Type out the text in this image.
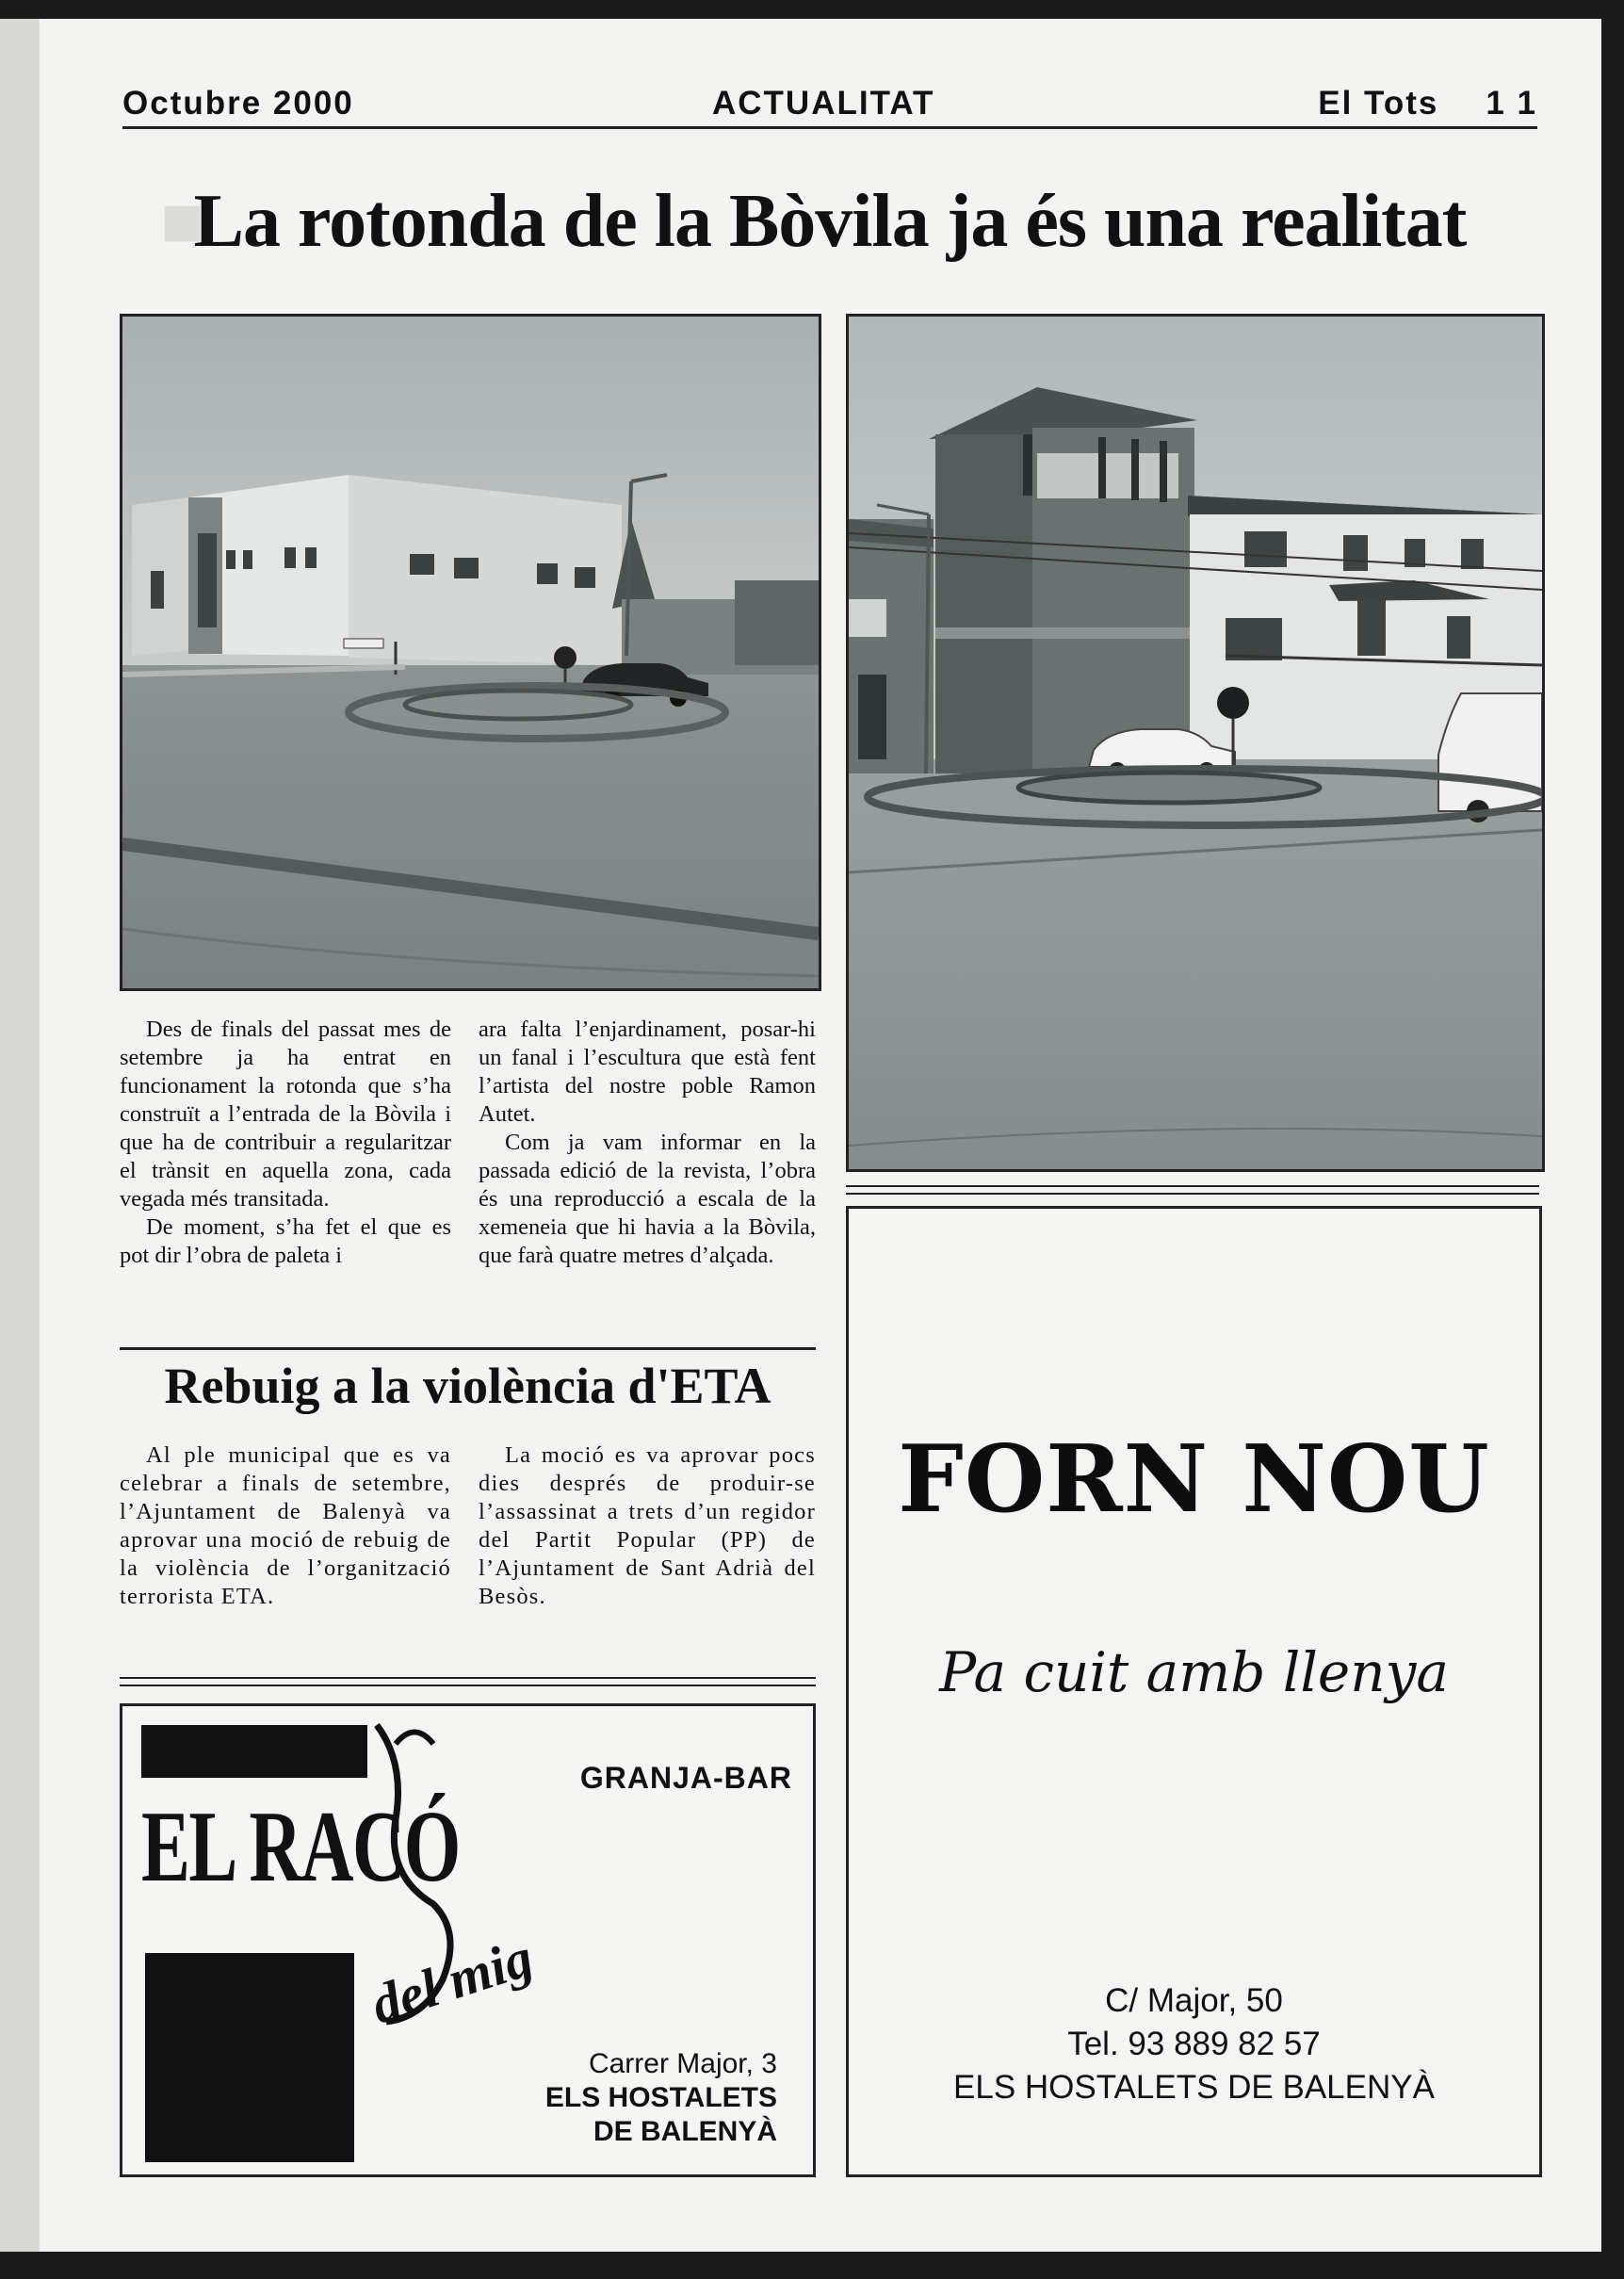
■
Octubre 2000	ACTUALITAT	El Tots 1 1
La rotonda de la Bòvila ja és una realitat

Des de finals del passat mes de setembre ja ha entrat en funcionament la rotonda que s’ha construït a l’entrada de la Bòvila i que ha de contribuir a regularitzar el trànsit en aquella zona, cada vegada més transitada.

De moment, s’ha fet el que es pot dir l’obra de paleta i

ara falta l’enjardinament, posar-hi un fanal i l’escultura que està fent l’artista del nostre poble Ramon Autet.

Com ja vam informar en la passada edició de la revista, l’obra és una reproducció a escala de la xemeneia que hi havia a la Bòvila, que farà quatre metres d’alçada.

Rebuig a la violència d'ETA

Al ple municipal que es va celebrar a finals de setembre, l’Ajuntament de Balenyà va aprovar una moció de rebuig de la violència de l’organització terrorista ETA.

La moció es va aprovar pocs dies després de produir-se l’assassinat a trets d’un regidor del Partit Popular (PP) de l’Ajuntament de Sant Adrià del Besòs.

EL RACÓ
del mig
GRANJA-BAR
Carrer Major, 3
ELS HOSTALETS
DE BALENYÀ
FORN NOU
Pa cuit amb llenya
C/ Major, 50
Tel. 93 889 82 57
ELS HOSTALETS DE BALENYÀ
